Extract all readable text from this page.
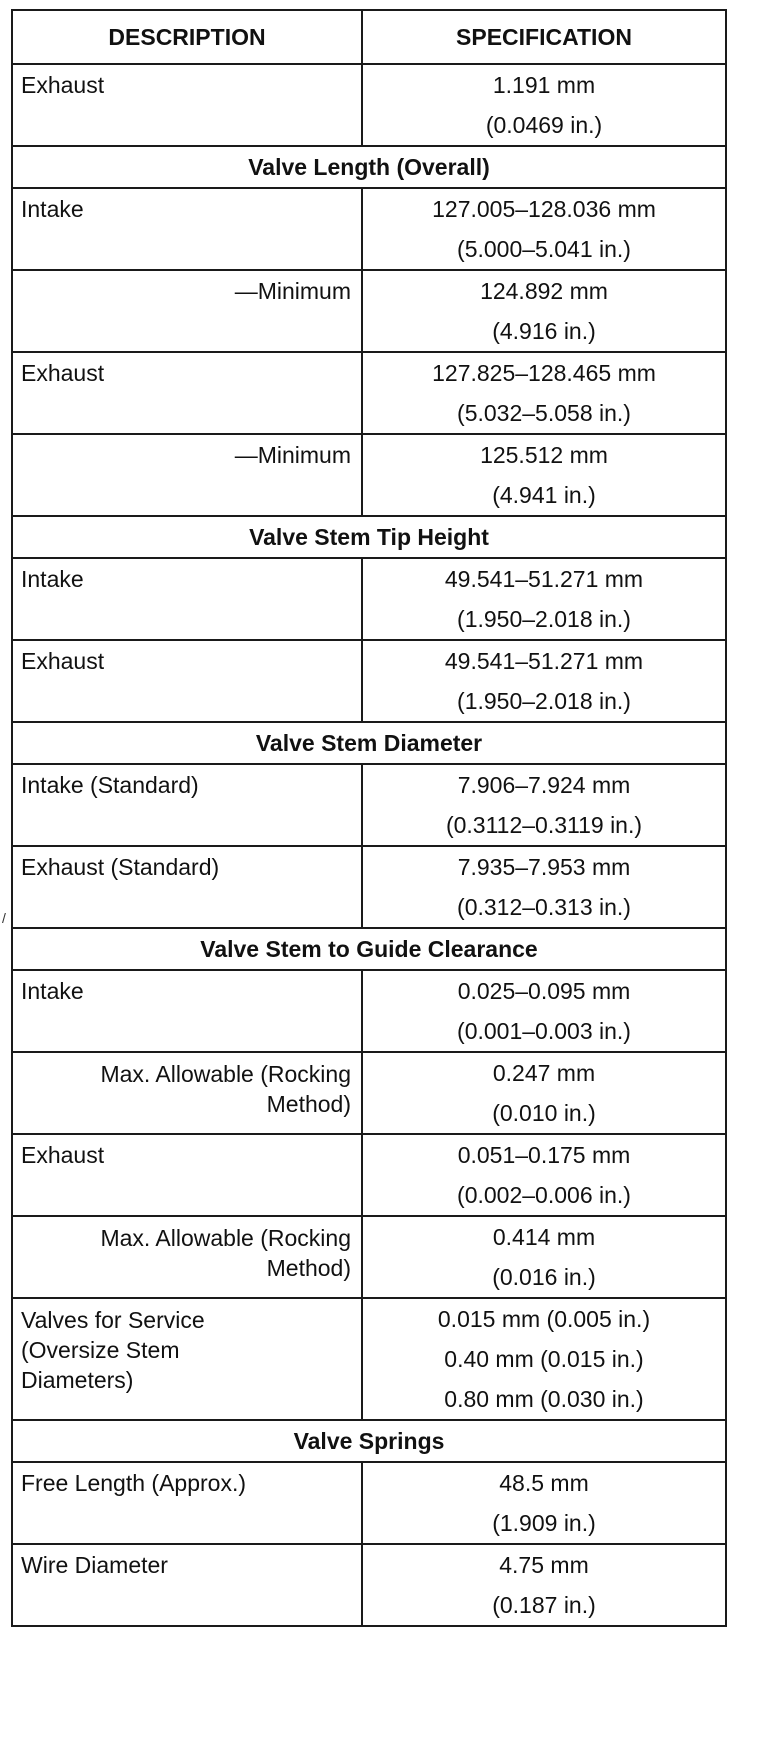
DESCRIPTION	SPECIFICATION
Exhaust	1.191 mm
(0.0469 in.)

Valve Length (Overall)	
Intake	127.005–128.036 mm
(5.000–5.041 in.)

—Minimum	124.892 mm
(4.916 in.)

Exhaust	127.825–128.465 mm
(5.032–5.058 in.)

—Minimum	125.512 mm
(4.941 in.)

Valve Stem Tip Height	
Intake	49.541–51.271 mm
(1.950–2.018 in.)

Exhaust	49.541–51.271 mm
(1.950–2.018 in.)

Valve Stem Diameter	
Intake (Standard)	7.906–7.924 mm
(0.3112–0.3119 in.)

Exhaust (Standard)	7.935–7.953 mm
(0.312–0.313 in.)

Valve Stem to Guide Clearance	
Intake	0.025–0.095 mm
(0.001–0.003 in.)

Max. Allowable (Rocking
Method)	0.247 mm
(0.010 in.)

Exhaust	0.051–0.175 mm
(0.002–0.006 in.)

Max. Allowable (Rocking
Method)	0.414 mm
(0.016 in.)

Valves for Service
(Oversize Stem
Diameters)	0.015 mm (0.005 in.)
0.40 mm (0.015 in.)
0.80 mm (0.030 in.)

Valve Springs	
Free Length (Approx.)	48.5 mm
(1.909 in.)

Wire Diameter	4.75 mm
(0.187 in.)
/
